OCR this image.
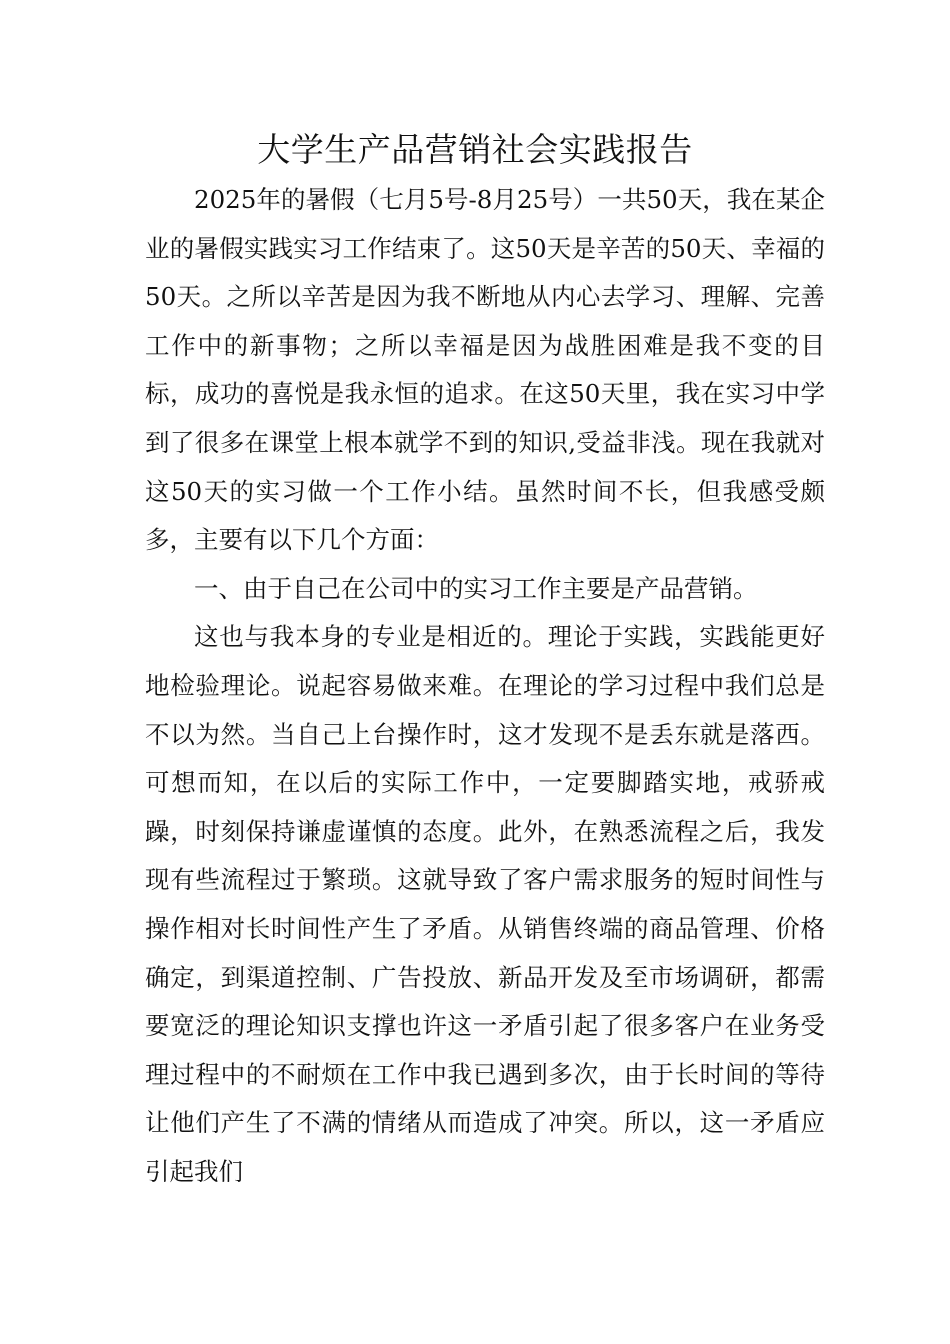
大学生产品营销社会实践报告

2025年的暑假（七月5号-8月25号）一共50天，我在某企业的暑假实践实习工作结束了。这50天是辛苦的50天、幸福的50天。之所以辛苦是因为我不断地从内心去学习、理解、完善工作中的新事物；之所以幸福是因为战胜困难是我不变的目标，成功的喜悦是我永恒的追求。在这50天里，我在实习中学到了很多在课堂上根本就学不到的知识,受益非浅。现在我就对这50天的实习做一个工作小结。虽然时间不长，但我感受颇多，主要有以下几个方面：

一、由于自己在公司中的实习工作主要是产品营销。

这也与我本身的专业是相近的。理论于实践，实践能更好地检验理论。说起容易做来难。在理论的学习过程中我们总是不以为然。当自己上台操作时，这才发现不是丢东就是落西。可想而知，在以后的实际工作中，一定要脚踏实地，戒骄戒躁，时刻保持谦虚谨慎的态度。此外，在熟悉流程之后，我发现有些流程过于繁琐。这就导致了客户需求服务的短时间性与操作相对长时间性产生了矛盾。从销售终端的商品管理、价格确定，到渠道控制、广告投放、新品开发及至市场调研，都需要宽泛的理论知识支撑也许这一矛盾引起了很多客户在业务受理过程中的不耐烦在工作中我已遇到多次，由于长时间的等待让他们产生了不满的情绪从而造成了冲突。所以，这一矛盾应引起我们
